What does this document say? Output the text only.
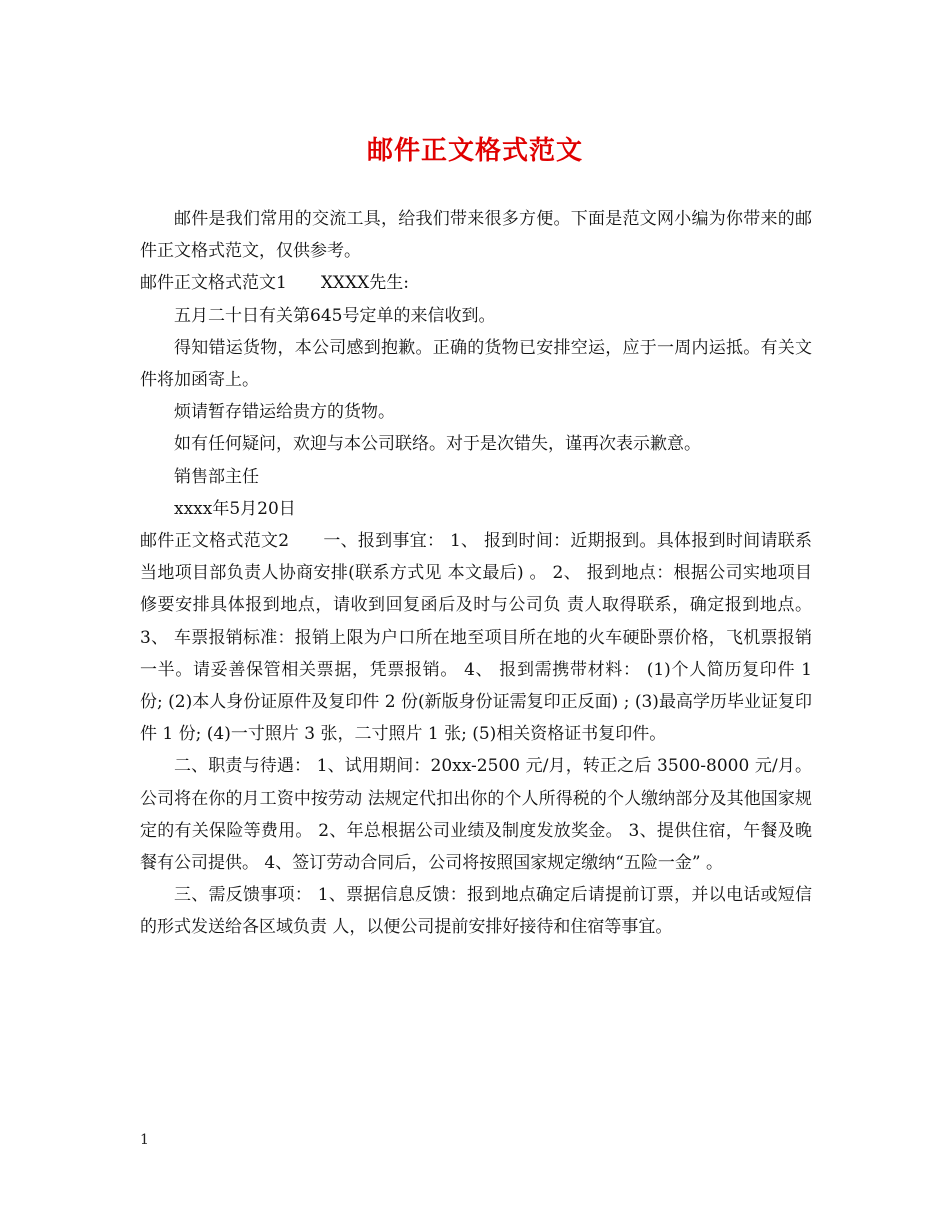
邮件正文格式范文

邮件是我们常用的交流工具，给我们带来很多方便。下面是范文网小编为你带来的邮件正文格式范文，仅供参考。

邮件正文格式范文1 XXXX先生:

五月二十日有关第645号定单的来信收到。

得知错运货物，本公司感到抱歉。正确的货物已安排空运，应于一周内运抵。有关文件将加函寄上。

烦请暂存错运给贵方的货物。

如有任何疑问，欢迎与本公司联络。对于是次错失，谨再次表示歉意。

销售部主任

xxxx年5月20日

邮件正文格式范文2 一、报到事宜： 1、 报到时间：近期报到。具体报到时间请联系当地项目部负责人协商安排(联系方式见 本文最后) 。 2、 报到地点：根据公司实地项目修要安排具体报到地点，请收到回复函后及时与公司负 责人取得联系，确定报到地点。 3、 车票报销标准：报销上限为户口所在地至项目所在地的火车硬卧票价格，飞机票报销 一半。请妥善保管相关票据，凭票报销。 4、 报到需携带材料： (1)个人简历复印件 1 份; (2)本人身份证原件及复印件 2 份(新版身份证需复印正反面) ; (3)最高学历毕业证复印件 1 份; (4)一寸照片 3 张，二寸照片 1 张; (5)相关资格证书复印件。

二、职责与待遇： 1、试用期间：20xx-2500 元/月，转正之后 3500-8000 元/月。公司将在你的月工资中按劳动 法规定代扣出你的个人所得税的个人缴纳部分及其他国家规定的有关保险等费用。 2、年总根据公司业绩及制度发放奖金。 3、提供住宿，午餐及晚餐有公司提供。 4、签订劳动合同后，公司将按照国家规定缴纳“五险一金” 。

三、需反馈事项： 1、票据信息反馈：报到地点确定后请提前订票，并以电话或短信的形式发送给各区域负责 人，以便公司提前安排好接待和住宿等事宜。

1
